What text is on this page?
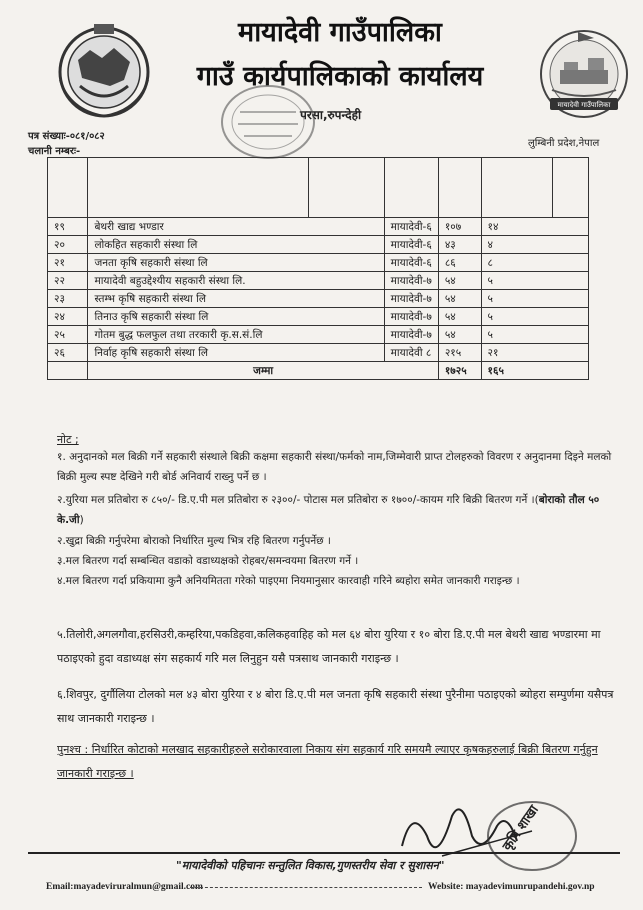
मायादेवी गाउँपालिका
गाउँ कार्यपालिकाको कार्यालय
मायादेवी गाउँपालिका
परसा,रुपन्देही
लुम्बिनी प्रदेश,नेपाल
पत्र संख्याः-०८१/०८२
चलानी नम्बरः-

१९	बेथरी खाद्य भण्डार		मायादेवी-६	१०७	१४	
२०	लोकहित सहकारी संस्था लि		मायादेवी-६	४३	४	
२१	जनता कृषि सहकारी संस्था लि		मायादेवी-६	८६	८	
२२	मायादेवी बहुउद्देश्यीय सहकारी संस्था लि.		मायादेवी-७	५४	५	
२३	स्तम्भ कृषि सहकारी संस्था लि		मायादेवी-७	५४	५	
२४	तिनाउ कृषि सहकारी संस्था लि		मायादेवी-७	५४	५	
२५	गोतम बुद्ध फलफुल तथा तरकारी कृ.स.सं.लि		मायादेवी-७	५४	५	
२६	निर्वाह कृषि सहकारी संस्था लि		मायादेवी ८	२१५	२१	
	जम्मा			१७२५	१६५	
नोट ;
१. अनुदानको मल बिक्री गर्ने सहकारी संस्थाले बिक्री कक्षमा सहकारी संस्था/फर्मको नाम,जिम्मेवारी प्राप्त टोलहरुको विवरण र अनुदानमा दिइने मलको बिक्री मुल्य स्पष्ट देखिने गरी बोर्ड अनिवार्य राख्नु पर्ने छ ।
२.युरिया मल प्रतिबोरा रु ८५०/- डि.ए.पी मल प्रतिबोरा रु २३००/- पोटास मल प्रतिबोरा रु १७००/-कायम गरि बिक्री बितरण गर्ने ।(बोराको तौल ५० के.जी)
२.खुद्रा बिक्री गर्नुपरेमा बोराको निर्धारित मुल्य भित्र रहि बितरण गर्नुपर्नेछ ।
३.मल बितरण गर्दा सम्बन्धित वडाको वडाध्यक्षको रोहबर/समन्वयमा बितरण गर्ने ।
४.मल बितरण गर्दा प्रकियामा कुनै अनियमितता गरेको पाइएमा नियमानुसार कारवाही गरिने ब्यहोरा समेत जानकारी गराइन्छ ।
५.तिलोरी,अगलगौवा,हरसिउरी,कम्हरिया,पकडिहवा,कलिकहवाहिह को मल ६४ बोरा युरिया र १० बोरा डि.ए.पी मल बेथरी खाद्य भण्डारमा मा पठाइएको हुदा वडाध्यक्ष संग सहकार्य गरि मल लिनुहुन यसै पत्रसाथ जानकारी गराइन्छ ।
६.शिवपुर, दुर्गौलिया टोलको मल ४३ बोरा युरिया र ४ बोरा डि.ए.पी मल जनता कृषि सहकारी संस्था पुरैनीमा पठाइएको ब्योहरा सम्पुर्णमा यसैपत्र साथ जानकारी गराइन्छ ।
पुनश्च : निर्धारित कोटाको मलखाद सहकारीहरुले सरोकारवाला निकाय संग सहकार्य गरि समयमै ल्याएर कृषकहरुलाई बिक्री बितरण गर्नुहुन जानकारी गराइन्छ ।
कृषि शाखा
"मायादेवीको पहिचानः सन्तुलित विकास,गुणस्तरीय सेवा र सुशासन"
Email:mayadeviruralmun@gmail.com	Website: mayadevimunrupandehi.gov.np
